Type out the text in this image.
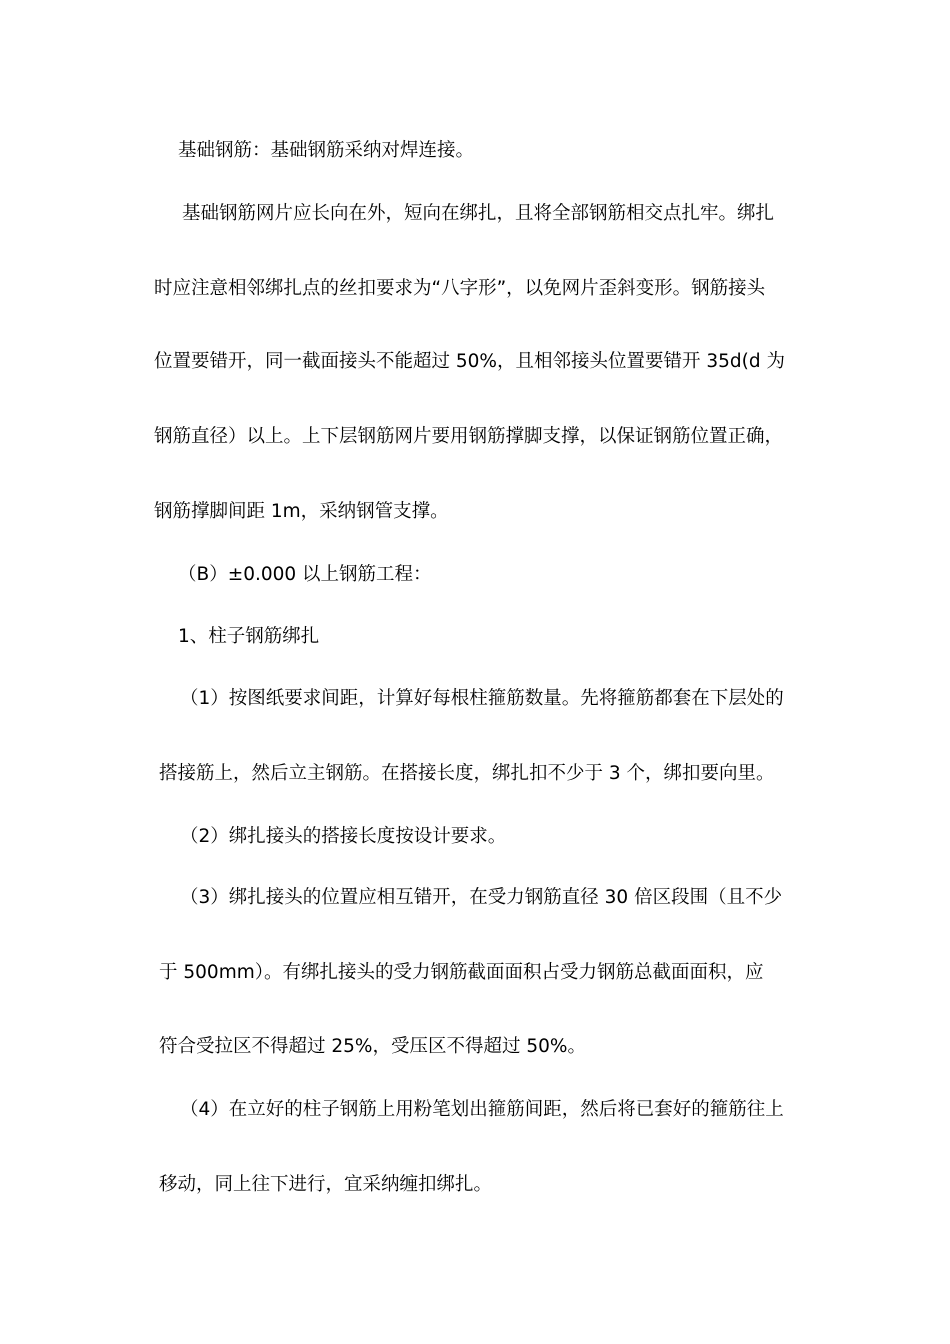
基础钢筋：基础钢筋采纳对焊连接。
基础钢筋网片应长向在外，短向在绑扎，且将全部钢筋相交点扎牢。绑扎
时应注意相邻绑扎点的丝扣要求为“八字形”，以免网片歪斜变形。钢筋接头
位置要错开，同一截面接头不能超过 50%，且相邻接头位置要错开 35d(d 为
钢筋直径）以上。上下层钢筋网片要用钢筋撑脚支撑，以保证钢筋位置正确，
钢筋撑脚间距 1m，采纳钢管支撑。
（B）±0.000 以上钢筋工程：
1、柱子钢筋绑扎
（1）按图纸要求间距，计算好每根柱箍筋数量。先将箍筋都套在下层处的
搭接筋上，然后立主钢筋。在搭接长度，绑扎扣不少于 3 个，绑扣要向里。
（2）绑扎接头的搭接长度按设计要求。
（3）绑扎接头的位置应相互错开，在受力钢筋直径 30 倍区段围（且不少
于 500mm）。有绑扎接头的受力钢筋截面面积占受力钢筋总截面面积，应
符合受拉区不得超过 25%，受压区不得超过 50%。
（4）在立好的柱子钢筋上用粉笔划出箍筋间距，然后将已套好的箍筋往上
移动，同上往下进行，宜采纳缠扣绑扎。
